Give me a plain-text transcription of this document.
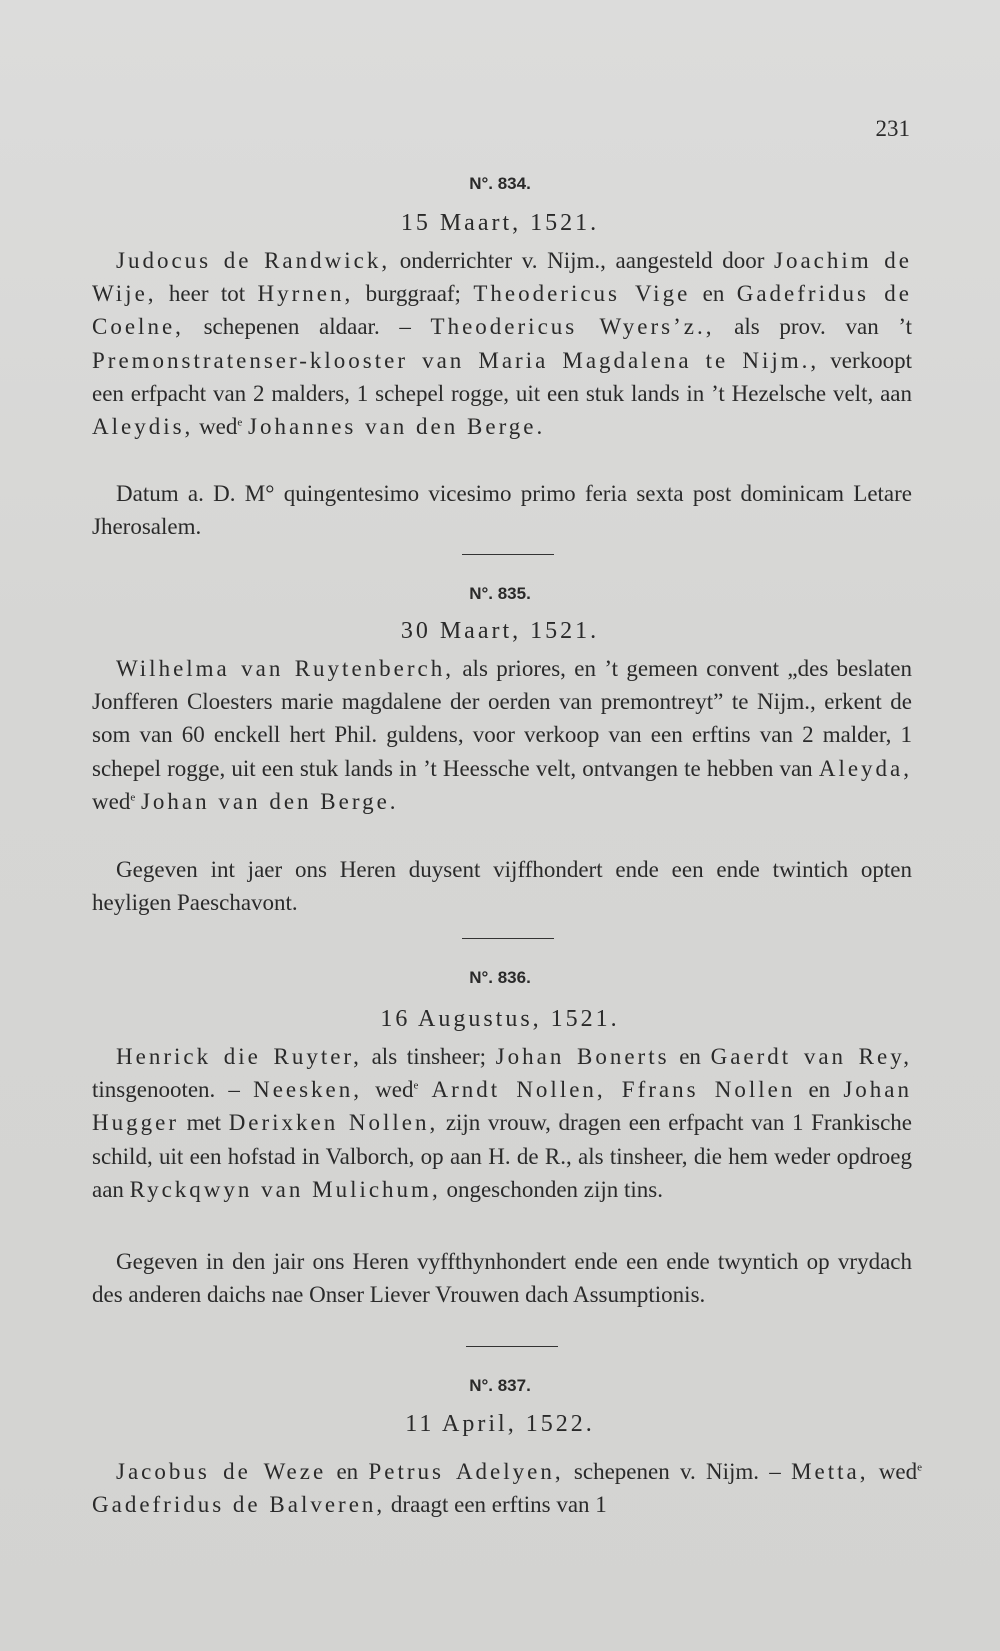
231
N°. 834.
15 Maart, 1521.

Judocus de Randwick, onderrichter v. Nijm., aangesteld door Joachim de Wije, heer tot Hyrnen, burggraaf; Theodericus Vige en Gadefridus de Coelne, schepenen aldaar. – Theodericus Wyers’z., als prov. van ’t Premonstratenser-klooster van Maria Magdalena te Nijm., verkoopt een erfpacht van 2 malders, 1 schepel rogge, uit een stuk lands in ’t Hezelsche velt, aan Aleydis, wed$^e$ Johannes van den Berge.

Datum a. D. M° quingentesimo vicesimo primo feria sexta post dominicam Letare Jherosalem.

N°. 835.
30 Maart, 1521.

Wilhelma van Ruytenberch, als priores, en ’t gemeen convent „des beslaten Jonfferen Cloesters marie magdalene der oerden van premontreyt” te Nijm., erkent de som van 60 enckell hert Phil. guldens, voor verkoop van een erftins van 2 malder, 1 schepel rogge, uit een stuk lands in ’t Heessche velt, ontvangen te hebben van Aleyda, wed$^e$ Johan van den Berge.

Gegeven int jaer ons Heren duysent vijffhondert ende een ende twintich opten heyligen Paeschavont.

N°. 836.
16 Augustus, 1521.

Henrick die Ruyter, als tinsheer; Johan Bonerts en Gaerdt van Rey, tinsgenooten. – Neesken, wed$^e$ Arndt Nollen, Ffrans Nollen en Johan Hugger met Derixken Nollen, zijn vrouw, dragen een erfpacht van 1 Frankische schild, uit een hofstad in Valborch, op aan H. de R., als tinsheer, die hem weder opdroeg aan Ryckqwyn van Mulichum, ongeschonden zijn tins.

Gegeven in den jair ons Heren vyffthynhondert ende een ende twyntich op vrydach des anderen daichs nae Onser Liever Vrouwen dach Assumptionis.

N°. 837.
11 April, 1522.

Jacobus de Weze en Petrus Adelyen, schepenen v. Nijm. – Metta, wed$^e$ Gadefridus de Balveren, draagt een erftins van 1
